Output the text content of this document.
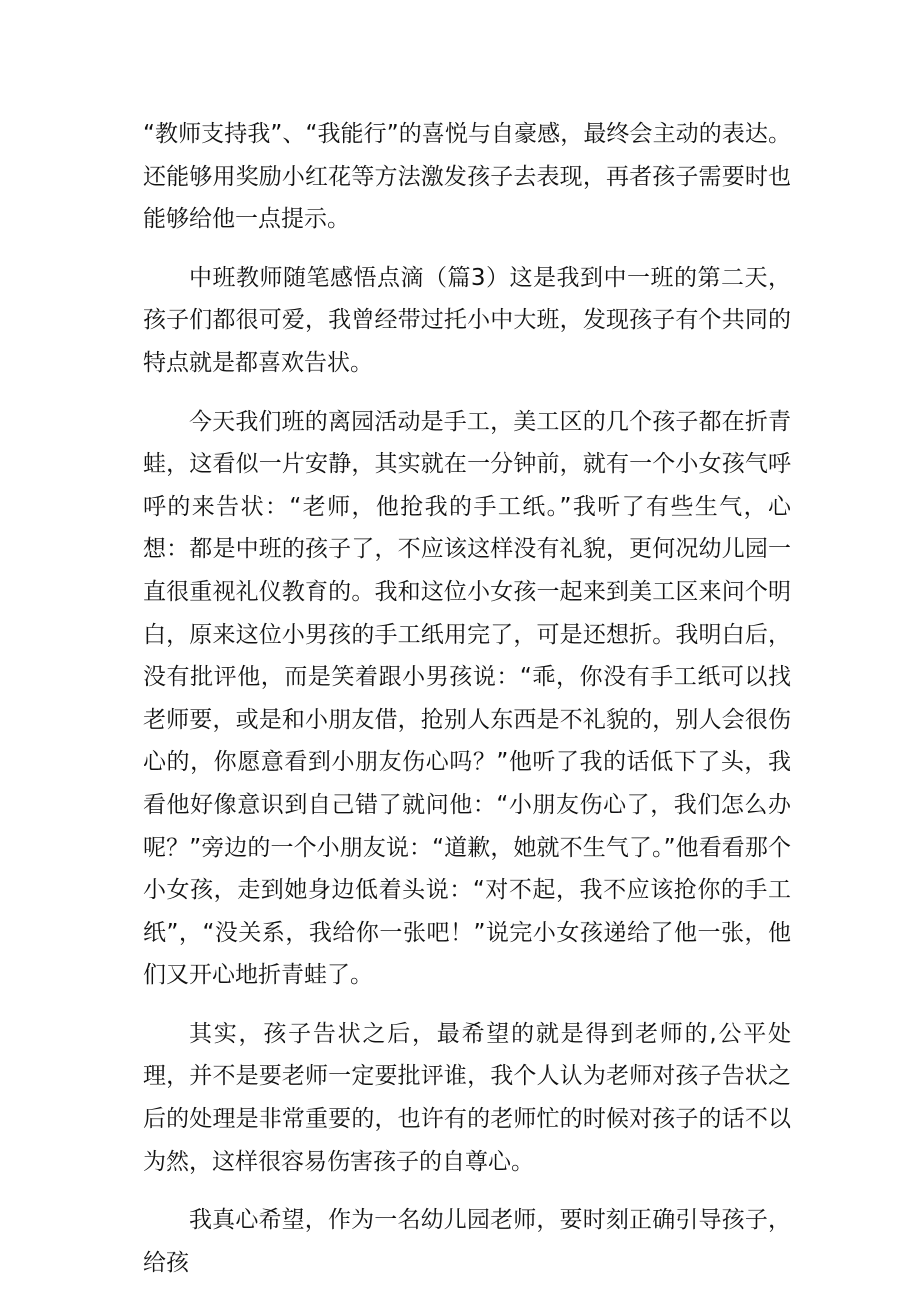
“教师支持我”、“我能行”的喜悦与自豪感，最终会主动的表达。还能够用奖励小红花等方法激发孩子去表现，再者孩子需要时也能够给他一点提示。

中班教师随笔感悟点滴（篇3）这是我到中一班的第二天，孩子们都很可爱，我曾经带过托小中大班，发现孩子有个共同的特点就是都喜欢告状。

今天我们班的离园活动是手工，美工区的几个孩子都在折青蛙，这看似一片安静，其实就在一分钟前，就有一个小女孩气呼呼的来告状：“老师，他抢我的手工纸。”我听了有些生气，心想：都是中班的孩子了，不应该这样没有礼貌，更何况幼儿园一直很重视礼仪教育的。我和这位小女孩一起来到美工区来问个明白，原来这位小男孩的手工纸用完了，可是还想折。我明白后，没有批评他，而是笑着跟小男孩说：“乖，你没有手工纸可以找老师要，或是和小朋友借，抢别人东西是不礼貌的，别人会很伤心的，你愿意看到小朋友伤心吗？”他听了我的话低下了头，我看他好像意识到自己错了就问他：“小朋友伤心了，我们怎么办呢？”旁边的一个小朋友说：“道歉，她就不生气了。”他看看那个小女孩，走到她身边低着头说：“对不起，我不应该抢你的手工纸”，“没关系，我给你一张吧！”说完小女孩递给了他一张，他们又开心地折青蛙了。

其实，孩子告状之后，最希望的就是得到老师的,公平处理，并不是要老师一定要批评谁，我个人认为老师对孩子告状之后的处理是非常重要的，也许有的老师忙的时候对孩子的话不以为然，这样很容易伤害孩子的自尊心。

我真心希望，作为一名幼儿园老师，要时刻正确引导孩子，给孩
